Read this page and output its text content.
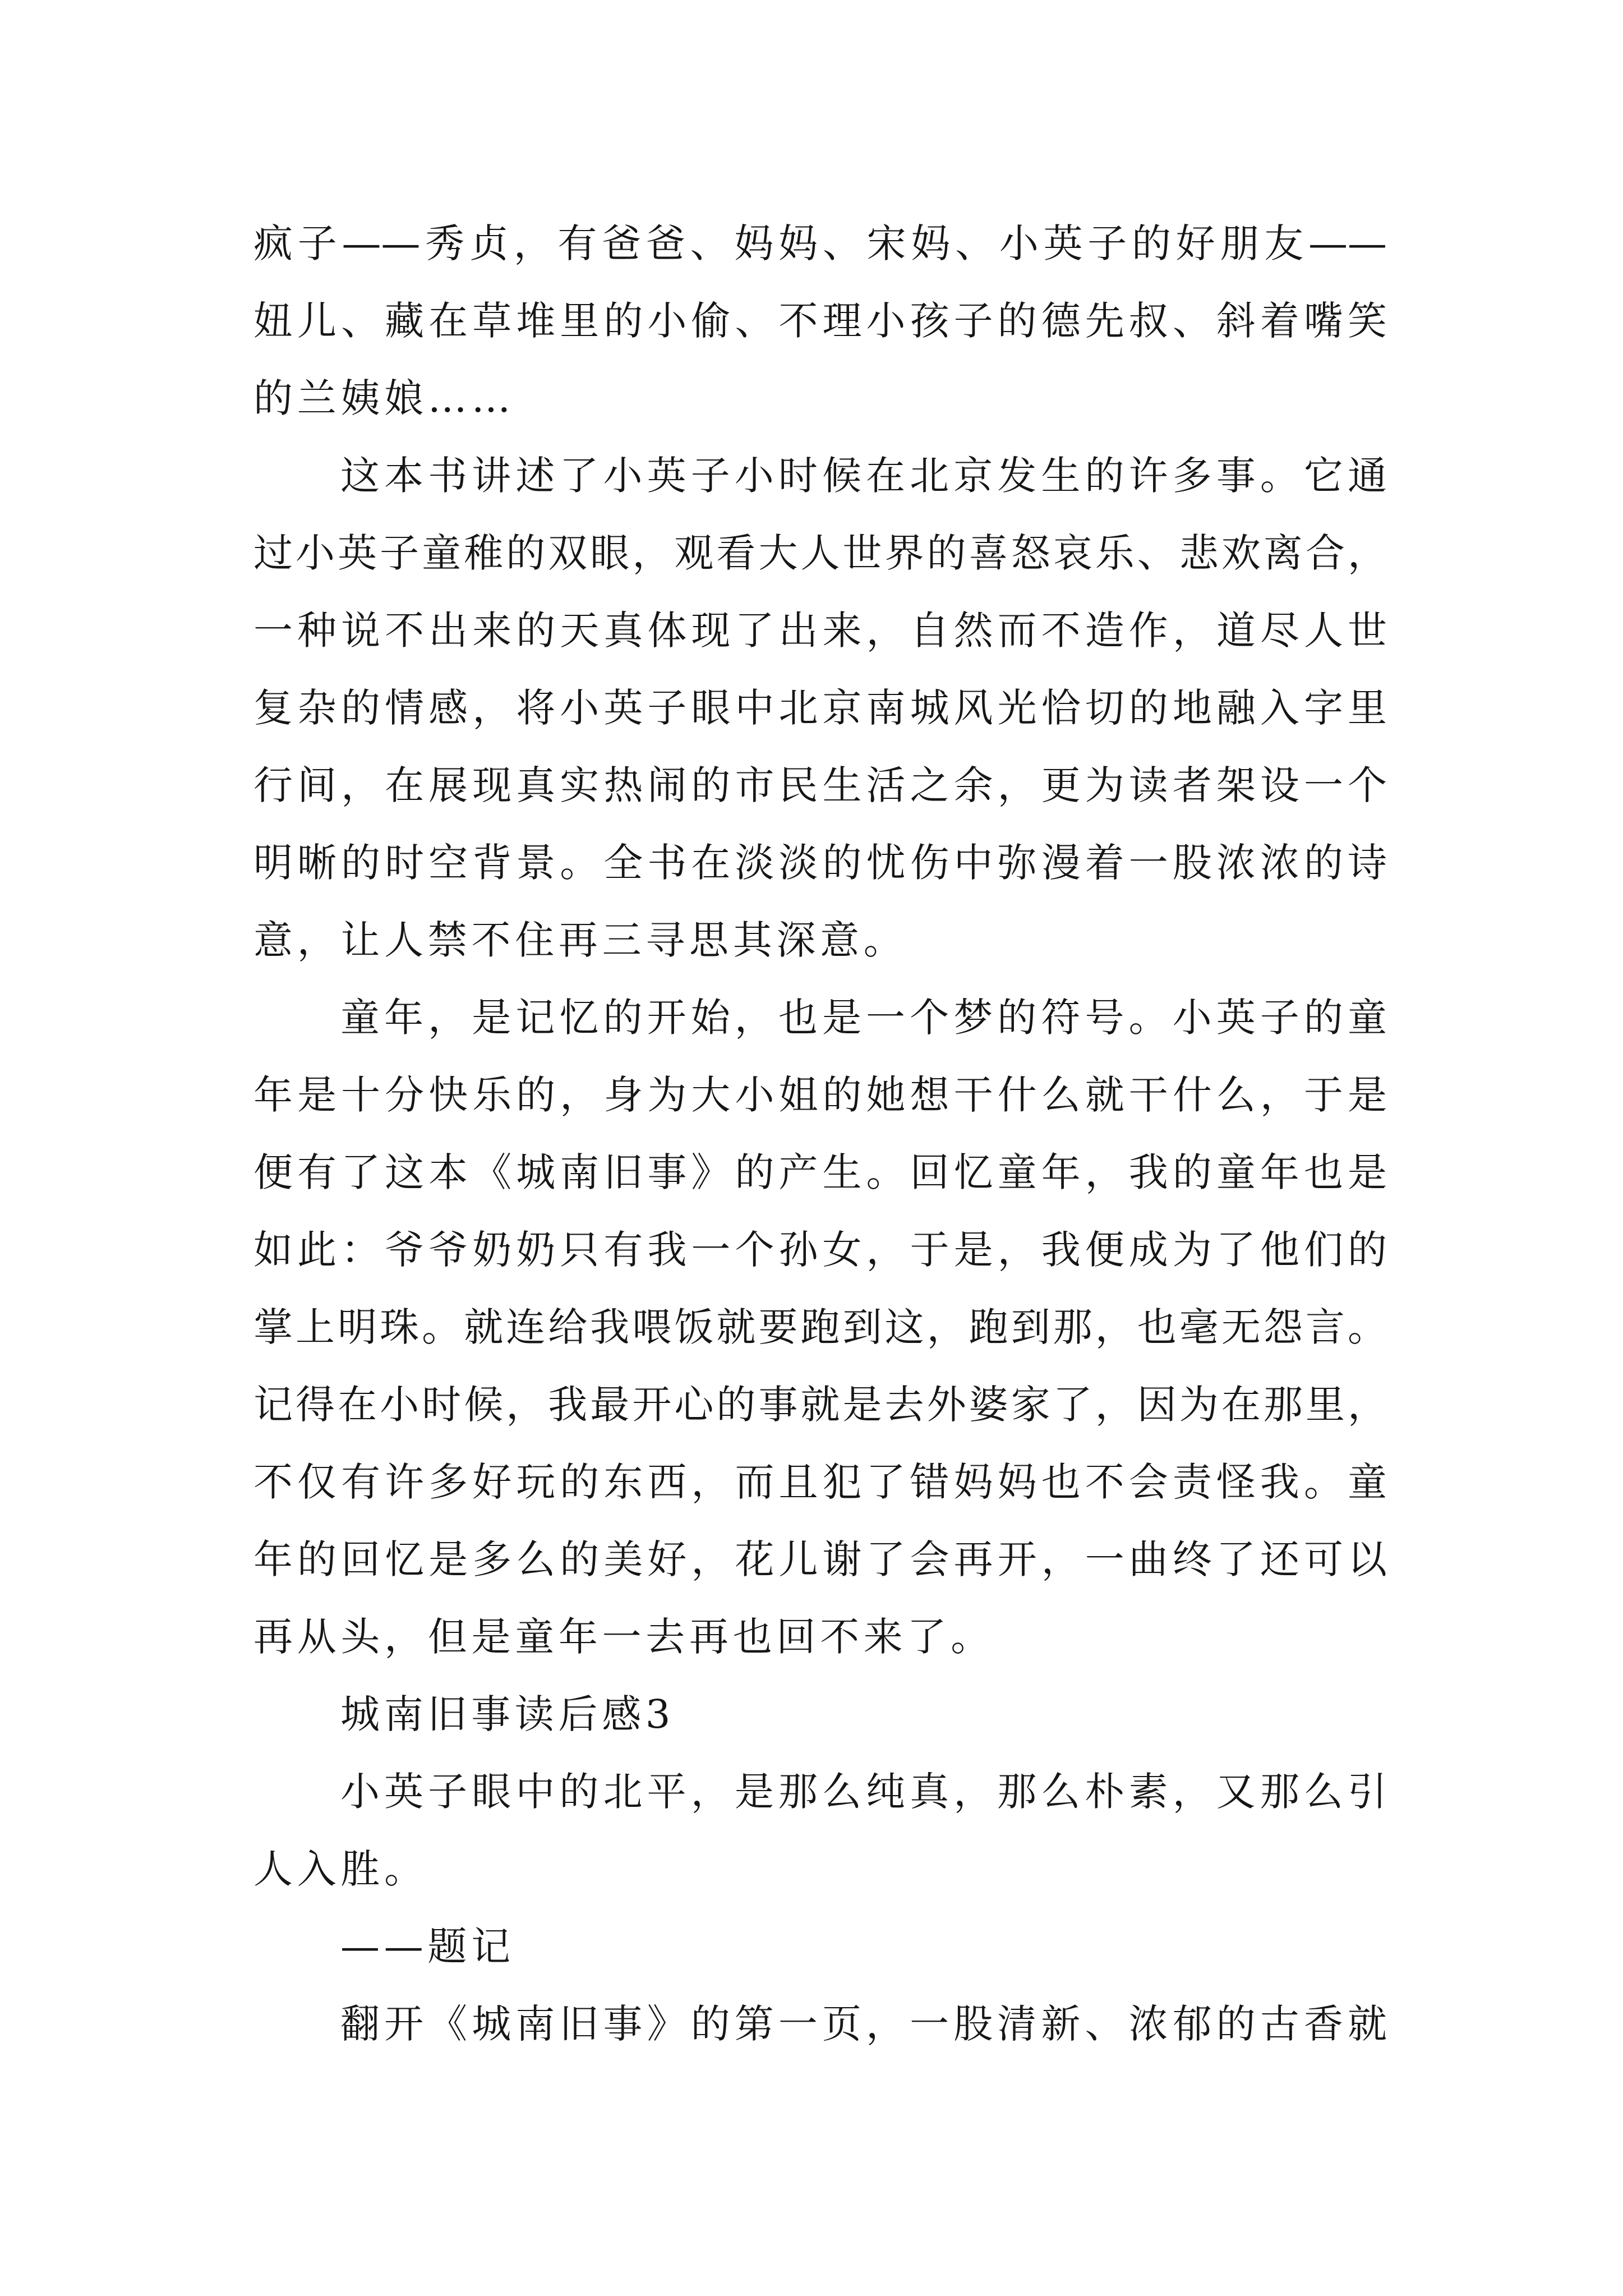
疯子——秀贞，有爸爸、妈妈、宋妈、小英子的好朋友——
妞儿、藏在草堆里的小偷、不理小孩子的德先叔、斜着嘴笑
的兰姨娘……
这本书讲述了小英子小时候在北京发生的许多事。它通
过小英子童稚的双眼，观看大人世界的喜怒哀乐、悲欢离合，
一种说不出来的天真体现了出来，自然而不造作，道尽人世
复杂的情感，将小英子眼中北京南城风光恰切的地融入字里
行间，在展现真实热闹的市民生活之余，更为读者架设一个
明晰的时空背景。全书在淡淡的忧伤中弥漫着一股浓浓的诗
意，让人禁不住再三寻思其深意。
童年，是记忆的开始，也是一个梦的符号。小英子的童
年是十分快乐的，身为大小姐的她想干什么就干什么，于是
便有了这本《城南旧事》的产生。回忆童年，我的童年也是
如此：爷爷奶奶只有我一个孙女，于是，我便成为了他们的
掌上明珠。就连给我喂饭就要跑到这，跑到那，也毫无怨言。
记得在小时候，我最开心的事就是去外婆家了，因为在那里，
不仅有许多好玩的东西，而且犯了错妈妈也不会责怪我。童
年的回忆是多么的美好，花儿谢了会再开，一曲终了还可以
再从头，但是童年一去再也回不来了。
城南旧事读后感3
小英子眼中的北平，是那么纯真，那么朴素，又那么引
人入胜。
——题记
翻开《城南旧事》的第一页，一股清新、浓郁的古香就
